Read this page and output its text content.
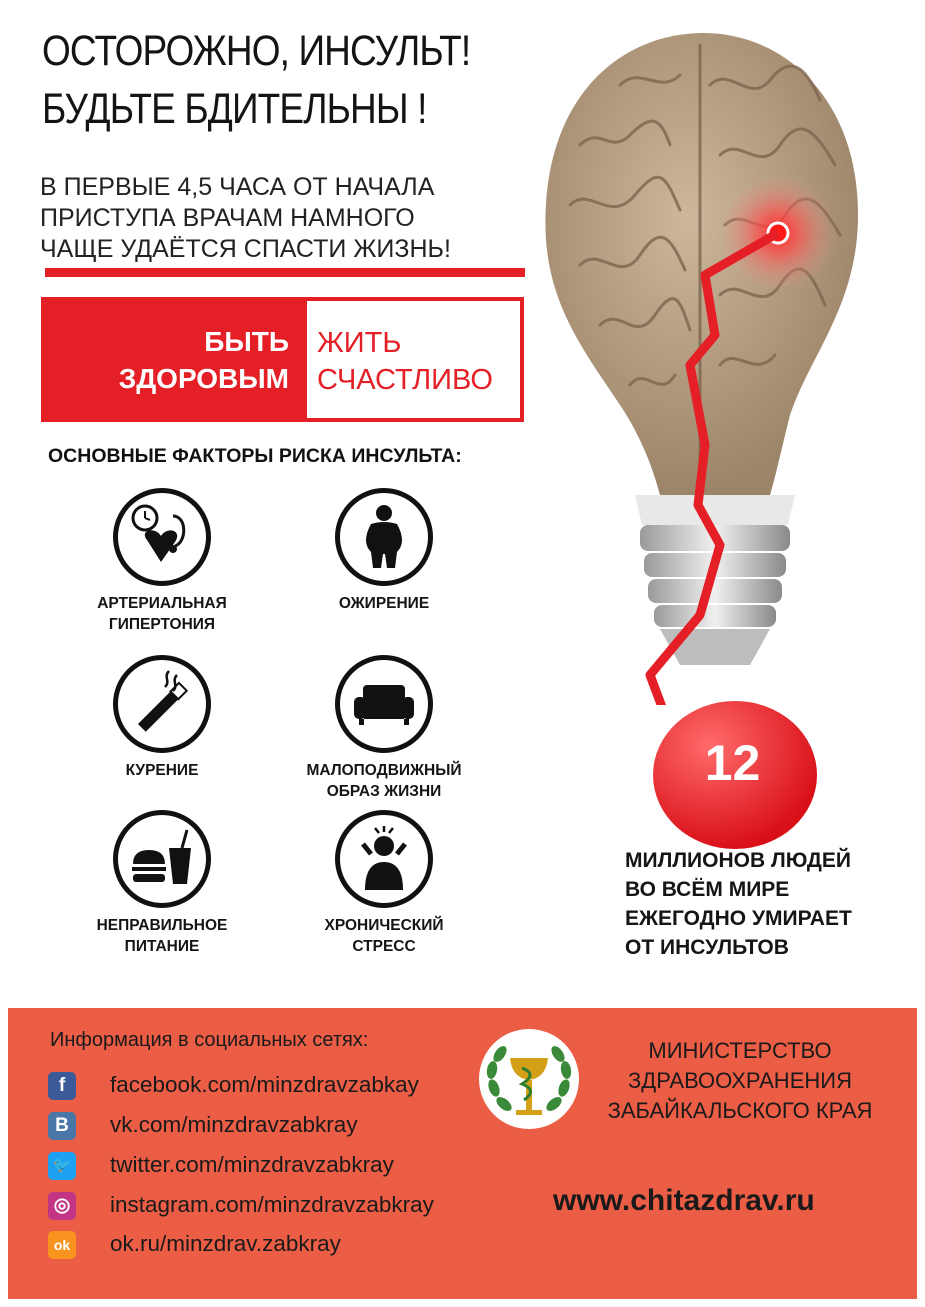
ОСТОРОЖНО, ИНСУЛЬТ!
БУДЬТЕ БДИТЕЛЬНЫ !
В ПЕРВЫЕ 4,5 ЧАСА ОТ НАЧАЛА
ПРИСТУПА ВРАЧАМ НАМНОГО
ЧАЩЕ УДАЁТСЯ СПАСТИ ЖИЗНЬ!
БЫТЬ
ЗДОРОВЫМ
ЖИТЬ
СЧАСТЛИВО
ОСНОВНЫЕ ФАКТОРЫ РИСКА ИНСУЛЬТА:
АРТЕРИАЛЬНАЯ
ГИПЕРТОНИЯ
ОЖИРЕНИЕ
КУРЕНИЕ	МАЛОПОДВИЖНЫЙ
ОБРАЗ ЖИЗНИ
НЕПРАВИЛЬНОЕ
ПИТАНИЕ
ХРОНИЧЕСКИЙ
СТРЕСС
12
МИЛЛИОНОВ ЛЮДЕЙ
ВО ВСЁМ МИРЕ
ЕЖЕГОДНО УМИРАЕТ
ОТ ИНСУЛЬТОВ
Информация в социальных сетях:
f	facebook.com/minzdravzabkay
B	vk.com/minzdravzabkray
🐦 twitter.com/minzdravzabkray
◎ instagram.com/minzdravzabkray
ok ok.ru/minzdrav.zabkray
МИНИСТЕРСТВО
ЗДРАВООХРАНЕНИЯ
ЗАБАЙКАЛЬСКОГО КРАЯ
www.chitazdrav.ru
